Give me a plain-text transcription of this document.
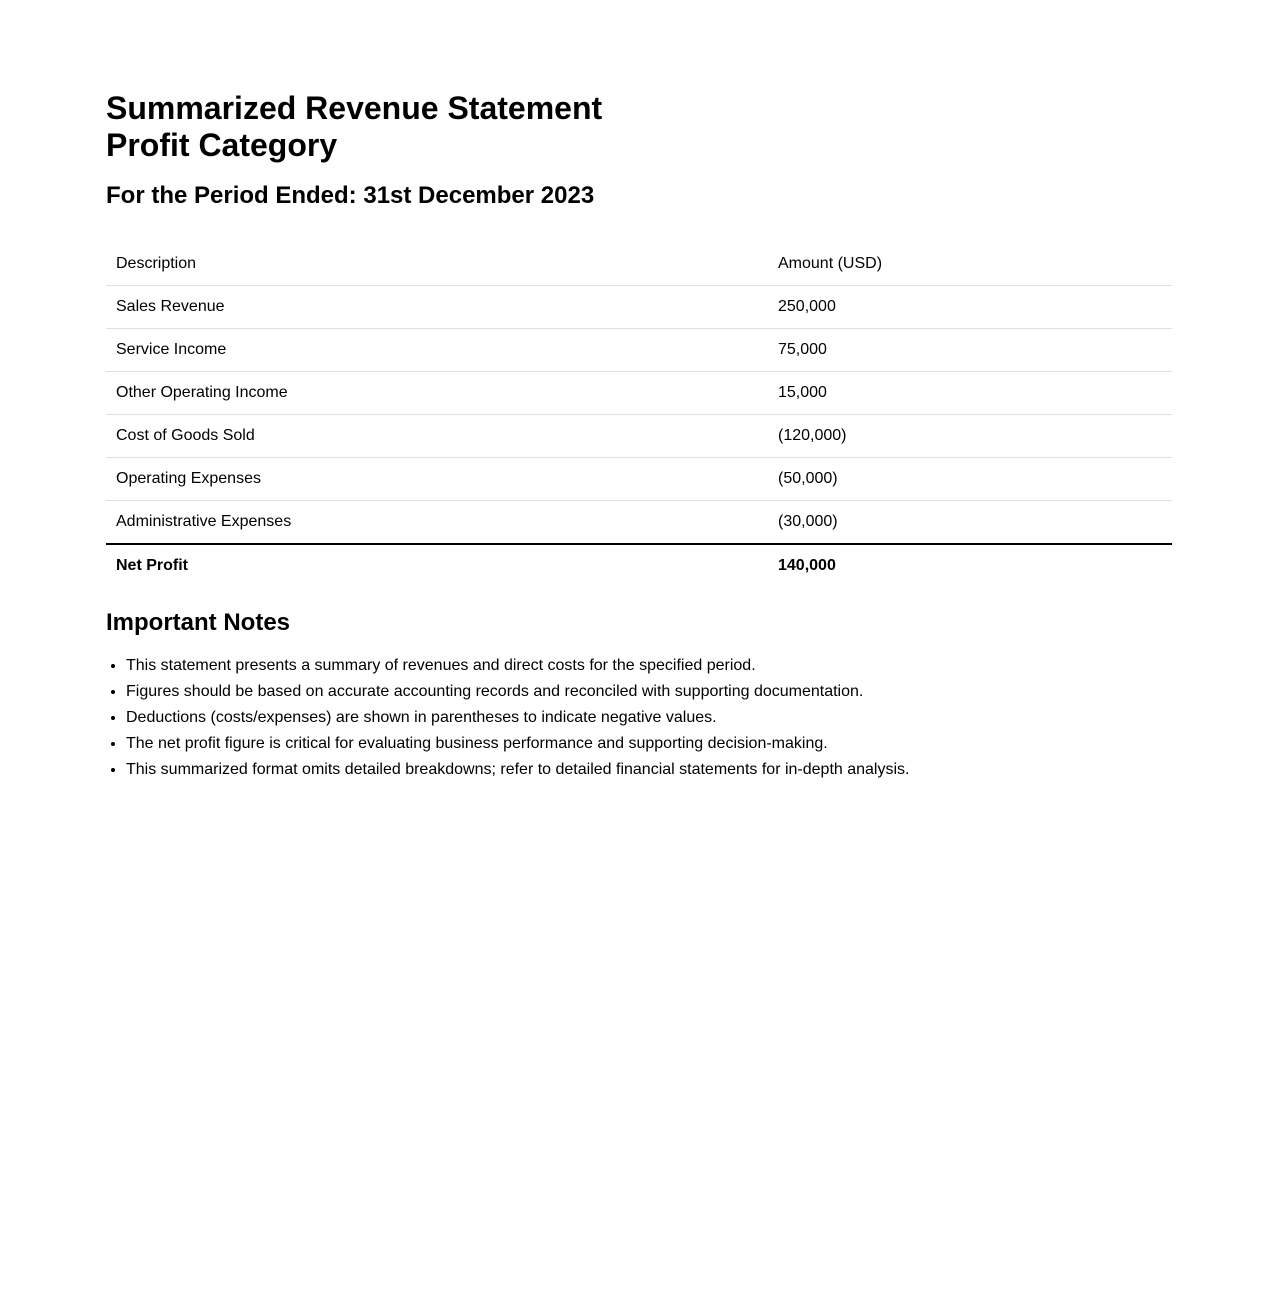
Summarized Revenue Statement
Profit Category
For the Period Ended: 31st December 2023
Description	Amount (USD)
Sales Revenue	250,000
Service Income	75,000
Other Operating Income	15,000
Cost of Goods Sold	(120,000)
Operating Expenses	(50,000)
Administrative Expenses	(30,000)
Net Profit	140,000
Important Notes
• This statement presents a summary of revenues and direct costs for the specified period.
• Figures should be based on accurate accounting records and reconciled with supporting documentation.
• Deductions (costs/expenses) are shown in parentheses to indicate negative values.
• The net profit figure is critical for evaluating business performance and supporting decision-making.
• This summarized format omits detailed breakdowns; refer to detailed financial statements for in-depth analysis.
